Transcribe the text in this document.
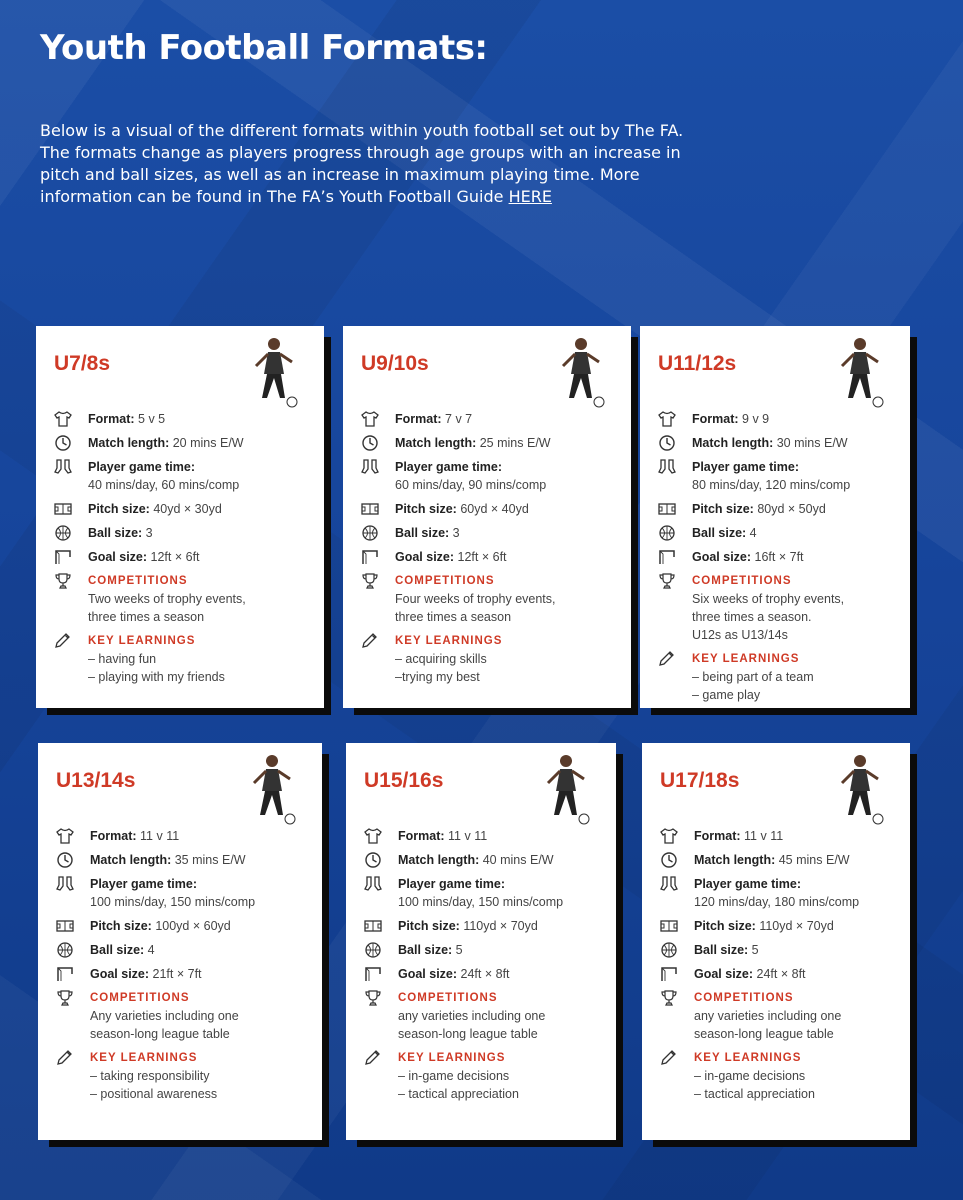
Youth Football Formats:

Below is a visual of the different formats within youth football set out by The FA. The formats change as players progress through age groups with an increase in pitch and ball sizes, as well as an increase in maximum playing time. More information can be found in The FA’s Youth Football Guide HERE

U7/8s
Format: 5 v 5
Match length: 20 mins E/W
Player game time:
40 mins/day, 60 mins/comp
Pitch size: 40yd × 30yd
Ball size: 3
Goal size: 12ft × 6ft
COMPETITIONS
Two weeks of trophy events,
three times a season
KEY LEARNINGS
– having fun
– playing with my friends
U9/10s
Format: 7 v 7
Match length: 25 mins E/W
Player game time:
60 mins/day, 90 mins/comp
Pitch size: 60yd × 40yd
Ball size: 3
Goal size: 12ft × 6ft
COMPETITIONS
Four weeks of trophy events,
three times a season
KEY LEARNINGS
– acquiring skills
–trying my best
U11/12s
Format: 9 v 9
Match length: 30 mins E/W
Player game time:
80 mins/day, 120 mins/comp
Pitch size: 80yd × 50yd
Ball size: 4
Goal size: 16ft × 7ft
COMPETITIONS
Six weeks of trophy events,
three times a season.
U12s as U13/14s
KEY LEARNINGS
– being part of a team
– game play
U13/14s
Format: 11 v 11
Match length: 35 mins E/W
Player game time:
100 mins/day, 150 mins/comp
Pitch size: 100yd × 60yd
Ball size: 4
Goal size: 21ft × 7ft
COMPETITIONS
Any varieties including one
season-long league table
KEY LEARNINGS
– taking responsibility
– positional awareness
U15/16s
Format: 11 v 11
Match length: 40 mins E/W
Player game time:
100 mins/day, 150 mins/comp
Pitch size: 110yd × 70yd
Ball size: 5
Goal size: 24ft × 8ft
COMPETITIONS
any varieties including one
season-long league table
KEY LEARNINGS
– in-game decisions
– tactical appreciation
U17/18s
Format: 11 v 11
Match length: 45 mins E/W
Player game time:
120 mins/day, 180 mins/comp
Pitch size: 110yd × 70yd
Ball size: 5
Goal size: 24ft × 8ft
COMPETITIONS
any varieties including one
season-long league table
KEY LEARNINGS
– in-game decisions
– tactical appreciation
